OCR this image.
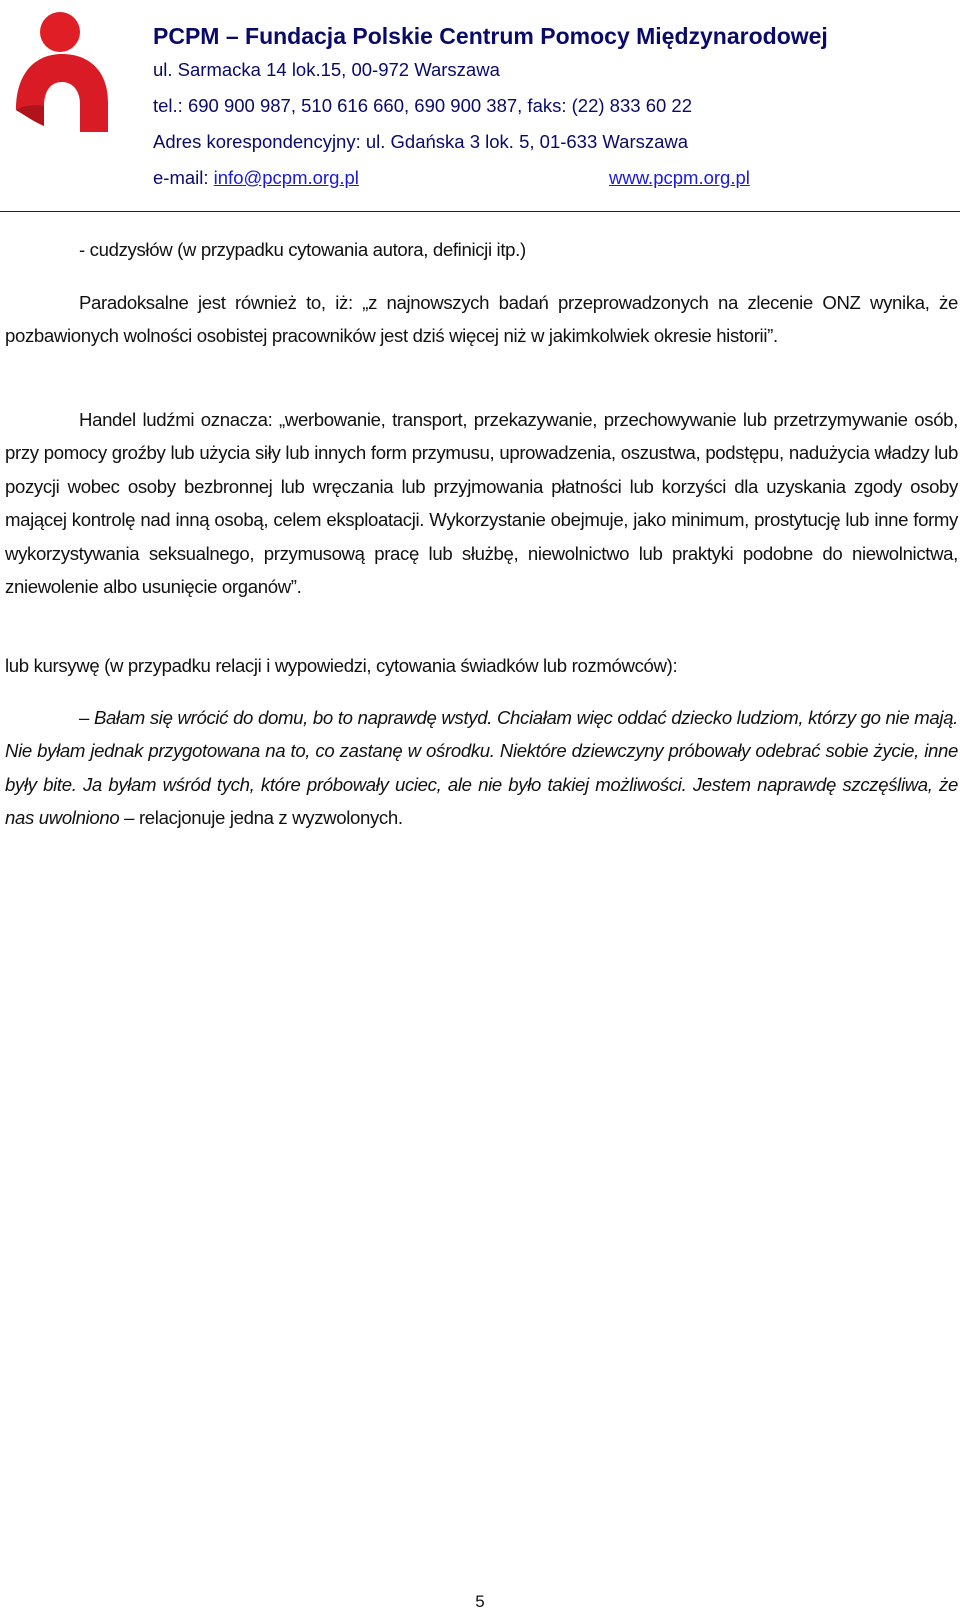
PCPM – Fundacja Polskie Centrum Pomocy Międzynarodowej
ul. Sarmacka 14 lok.15, 00-972 Warszawa
tel.: 690 900 987, 510 616 660, 690 900 387, faks: (22) 833 60 22
Adres korespondencyjny: ul. Gdańska 3 lok. 5, 01-633 Warszawa
e-mail: info@pcpm.org.pl	www.pcpm.org.pl
- cudzysłów (w przypadku cytowania autora, definicji itp.)
Paradoksalne jest również to, iż: „z najnowszych badań przeprowadzonych na zlecenie ONZ wynika, że pozbawionych wolności osobistej pracowników jest dziś więcej niż w jakimkolwiek okresie historii”.
Handel ludźmi oznacza: „werbowanie, transport, przekazywanie, przechowywanie lub przetrzymywanie osób, przy pomocy groźby lub użycia siły lub innych form przymusu, uprowadzenia, oszustwa, podstępu, nadużycia władzy lub pozycji wobec osoby bezbronnej lub wręczania lub przyjmowania płatności lub korzyści dla uzyskania zgody osoby mającej kontrolę nad inną osobą, celem eksploatacji. Wykorzystanie obejmuje, jako minimum, prostytucję lub inne formy wykorzystywania seksualnego, przymusową pracę lub służbę, niewolnictwo lub praktyki podobne do niewolnictwa, zniewolenie albo usunięcie organów”.
lub kursywę (w przypadku relacji i wypowiedzi, cytowania świadków lub rozmówców):
– Bałam się wrócić do domu, bo to naprawdę wstyd. Chciałam więc oddać dziecko ludziom, którzy go nie mają. Nie byłam jednak przygotowana na to, co zastanę w ośrodku. Niektóre dziewczyny próbowały odebrać sobie życie, inne były bite. Ja byłam wśród tych, które próbowały uciec, ale nie było takiej możliwości. Jestem naprawdę szczęśliwa, że nas uwolniono – relacjonuje jedna z wyzwolonych.
5
